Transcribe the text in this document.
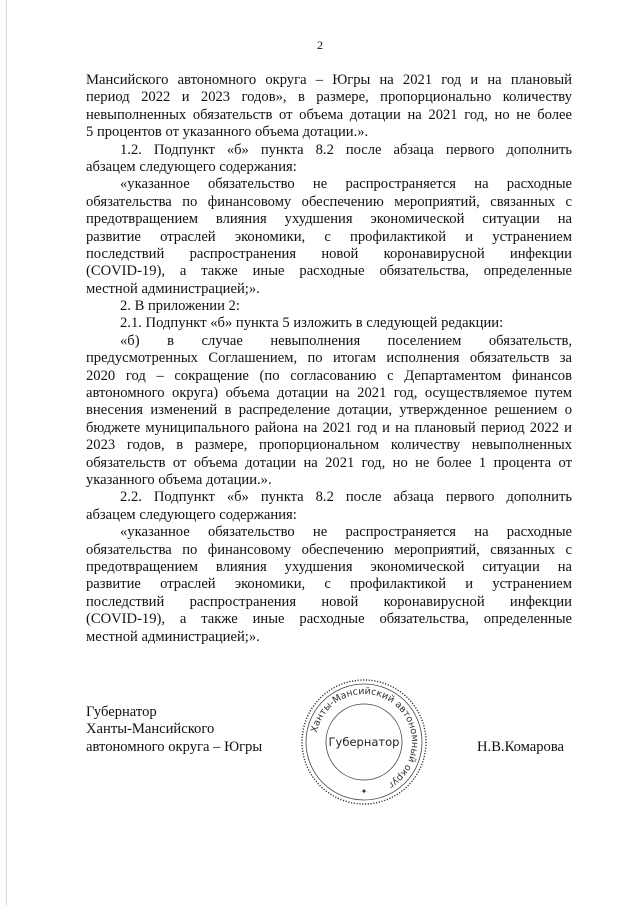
2
Мансийского автономного округа – Югры на 2021 год и на плановый
период 2022 и 2023 годов», в размере, пропорционально количеству
невыполненных обязательств от объема дотации на 2021 год, но не более
5 процентов от указанного объема дотации.».
1.2. Подпункт «б» пункта 8.2 после абзаца первого дополнить
абзацем следующего содержания:
«указанное обязательство не распространяется на расходные
обязательства по финансовому обеспечению мероприятий, связанных с
предотвращением влияния ухудшения экономической ситуации на
развитие отраслей экономики, с профилактикой и устранением
последствий распространения новой коронавирусной инфекции
(COVID-19), а также иные расходные обязательства, определенные
местной администрацией;».
2. В приложении 2:
2.1. Подпункт «б» пункта 5 изложить в следующей редакции:
«б) в случае невыполнения поселением обязательств,
предусмотренных Соглашением, по итогам исполнения обязательств за
2020 год – сокращение (по согласованию с Департаментом финансов
автономного округа) объема дотации на 2021 год, осуществляемое путем
внесения изменений в распределение дотации, утвержденное решением о
бюджете муниципального района на 2021 год и на плановый период 2022 и
2023 годов, в размере, пропорциональном количеству невыполненных
обязательств от объема дотации на 2021 год, но не более 1 процента от
указанного объема дотации.».
2.2. Подпункт «б» пункта 8.2 после абзаца первого дополнить
абзацем следующего содержания:
«указанное обязательство не распространяется на расходные
обязательства по финансовому обеспечению мероприятий, связанных с
предотвращением влияния ухудшения экономической ситуации на
развитие отраслей экономики, с профилактикой и устранением
последствий распространения новой коронавирусной инфекции
(COVID-19), а также иные расходные обязательства, определенные
местной администрацией;».
Губернатор
Ханты-Мансийского
автономного округа – Югры	Н.В.Комарова
Ханты-Мансийский автономный округ
Губернатор
✦
